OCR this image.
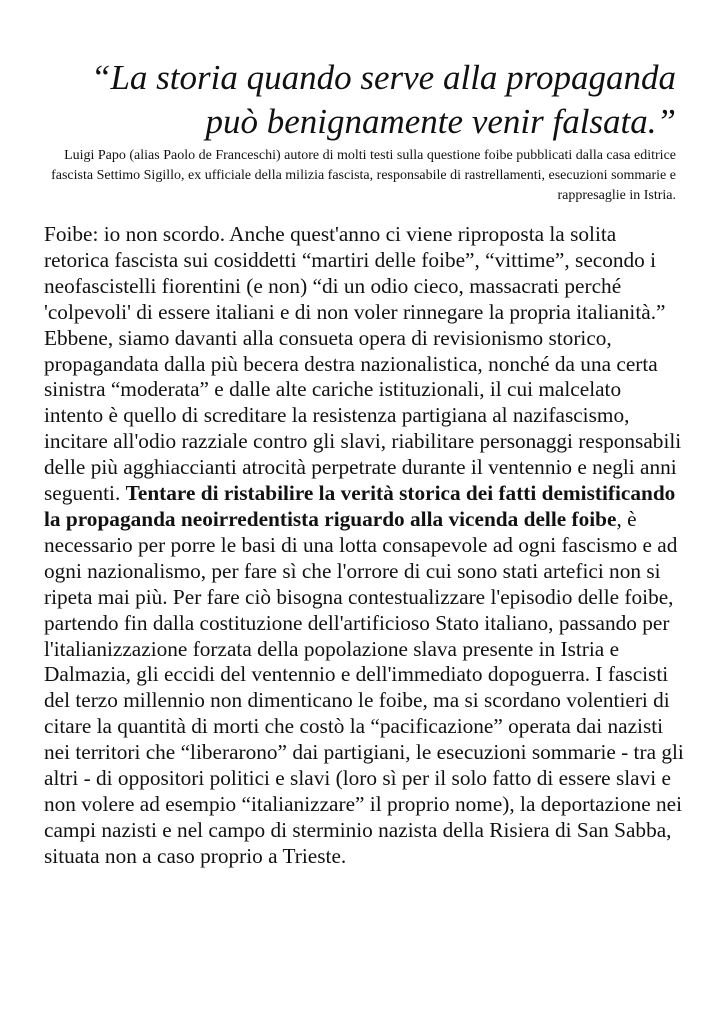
“La storia quando serve alla propaganda
può benignamente venir falsata.”
Luigi Papo (alias Paolo de Franceschi) autore di molti testi sulla questione foibe pubblicati dalla casa editrice fascista Settimo Sigillo, ex ufficiale della milizia fascista, responsabile di rastrellamenti, esecuzioni sommarie e rappresaglie in Istria.
Foibe: io non scordo. Anche quest'anno ci viene riproposta la solita retorica fascista sui cosiddetti “martiri delle foibe”, “vittime”, secondo i neofascistelli fiorentini (e non) “di un odio cieco, massacrati perché 'colpevoli' di essere italiani e di non voler rinnegare la propria italianità.” Ebbene, siamo davanti alla consueta opera di revisionismo storico, propagandata dalla più becera destra nazionalistica, nonché da una certa sinistra “moderata” e dalle alte cariche istituzionali, il cui malcelato intento è quello di screditare la resistenza partigiana al nazifascismo, incitare all'odio razziale contro gli slavi, riabilitare personaggi responsabili delle più agghiaccianti atrocità perpetrate durante il ventennio e negli anni seguenti. Tentare di ristabilire la verità storica dei fatti demistificando la propaganda neoirredentista riguardo alla vicenda delle foibe, è necessario per porre le basi di una lotta consapevole ad ogni fascismo e ad ogni nazionalismo, per fare sì che l'orrore di cui sono stati artefici non si ripeta mai più. Per fare ciò bisogna contestualizzare l'episodio delle foibe, partendo fin dalla costituzione dell'artificioso Stato italiano, passando per l'italianizzazione forzata della popolazione slava presente in Istria e Dalmazia, gli eccidi del ventennio e dell'immediato dopoguerra. I fascisti del terzo millennio non dimenticano le foibe, ma si scordano volentieri di citare la quantità di morti che costò la “pacificazione” operata dai nazisti nei territori che “liberarono” dai partigiani, le esecuzioni sommarie - tra gli altri - di oppositori politici e slavi (loro sì per il solo fatto di essere slavi e non volere ad esempio “italianizzare” il proprio nome), la deportazione nei campi nazisti e nel campo di sterminio nazista della Risiera di San Sabba, situata non a caso proprio a Trieste.
